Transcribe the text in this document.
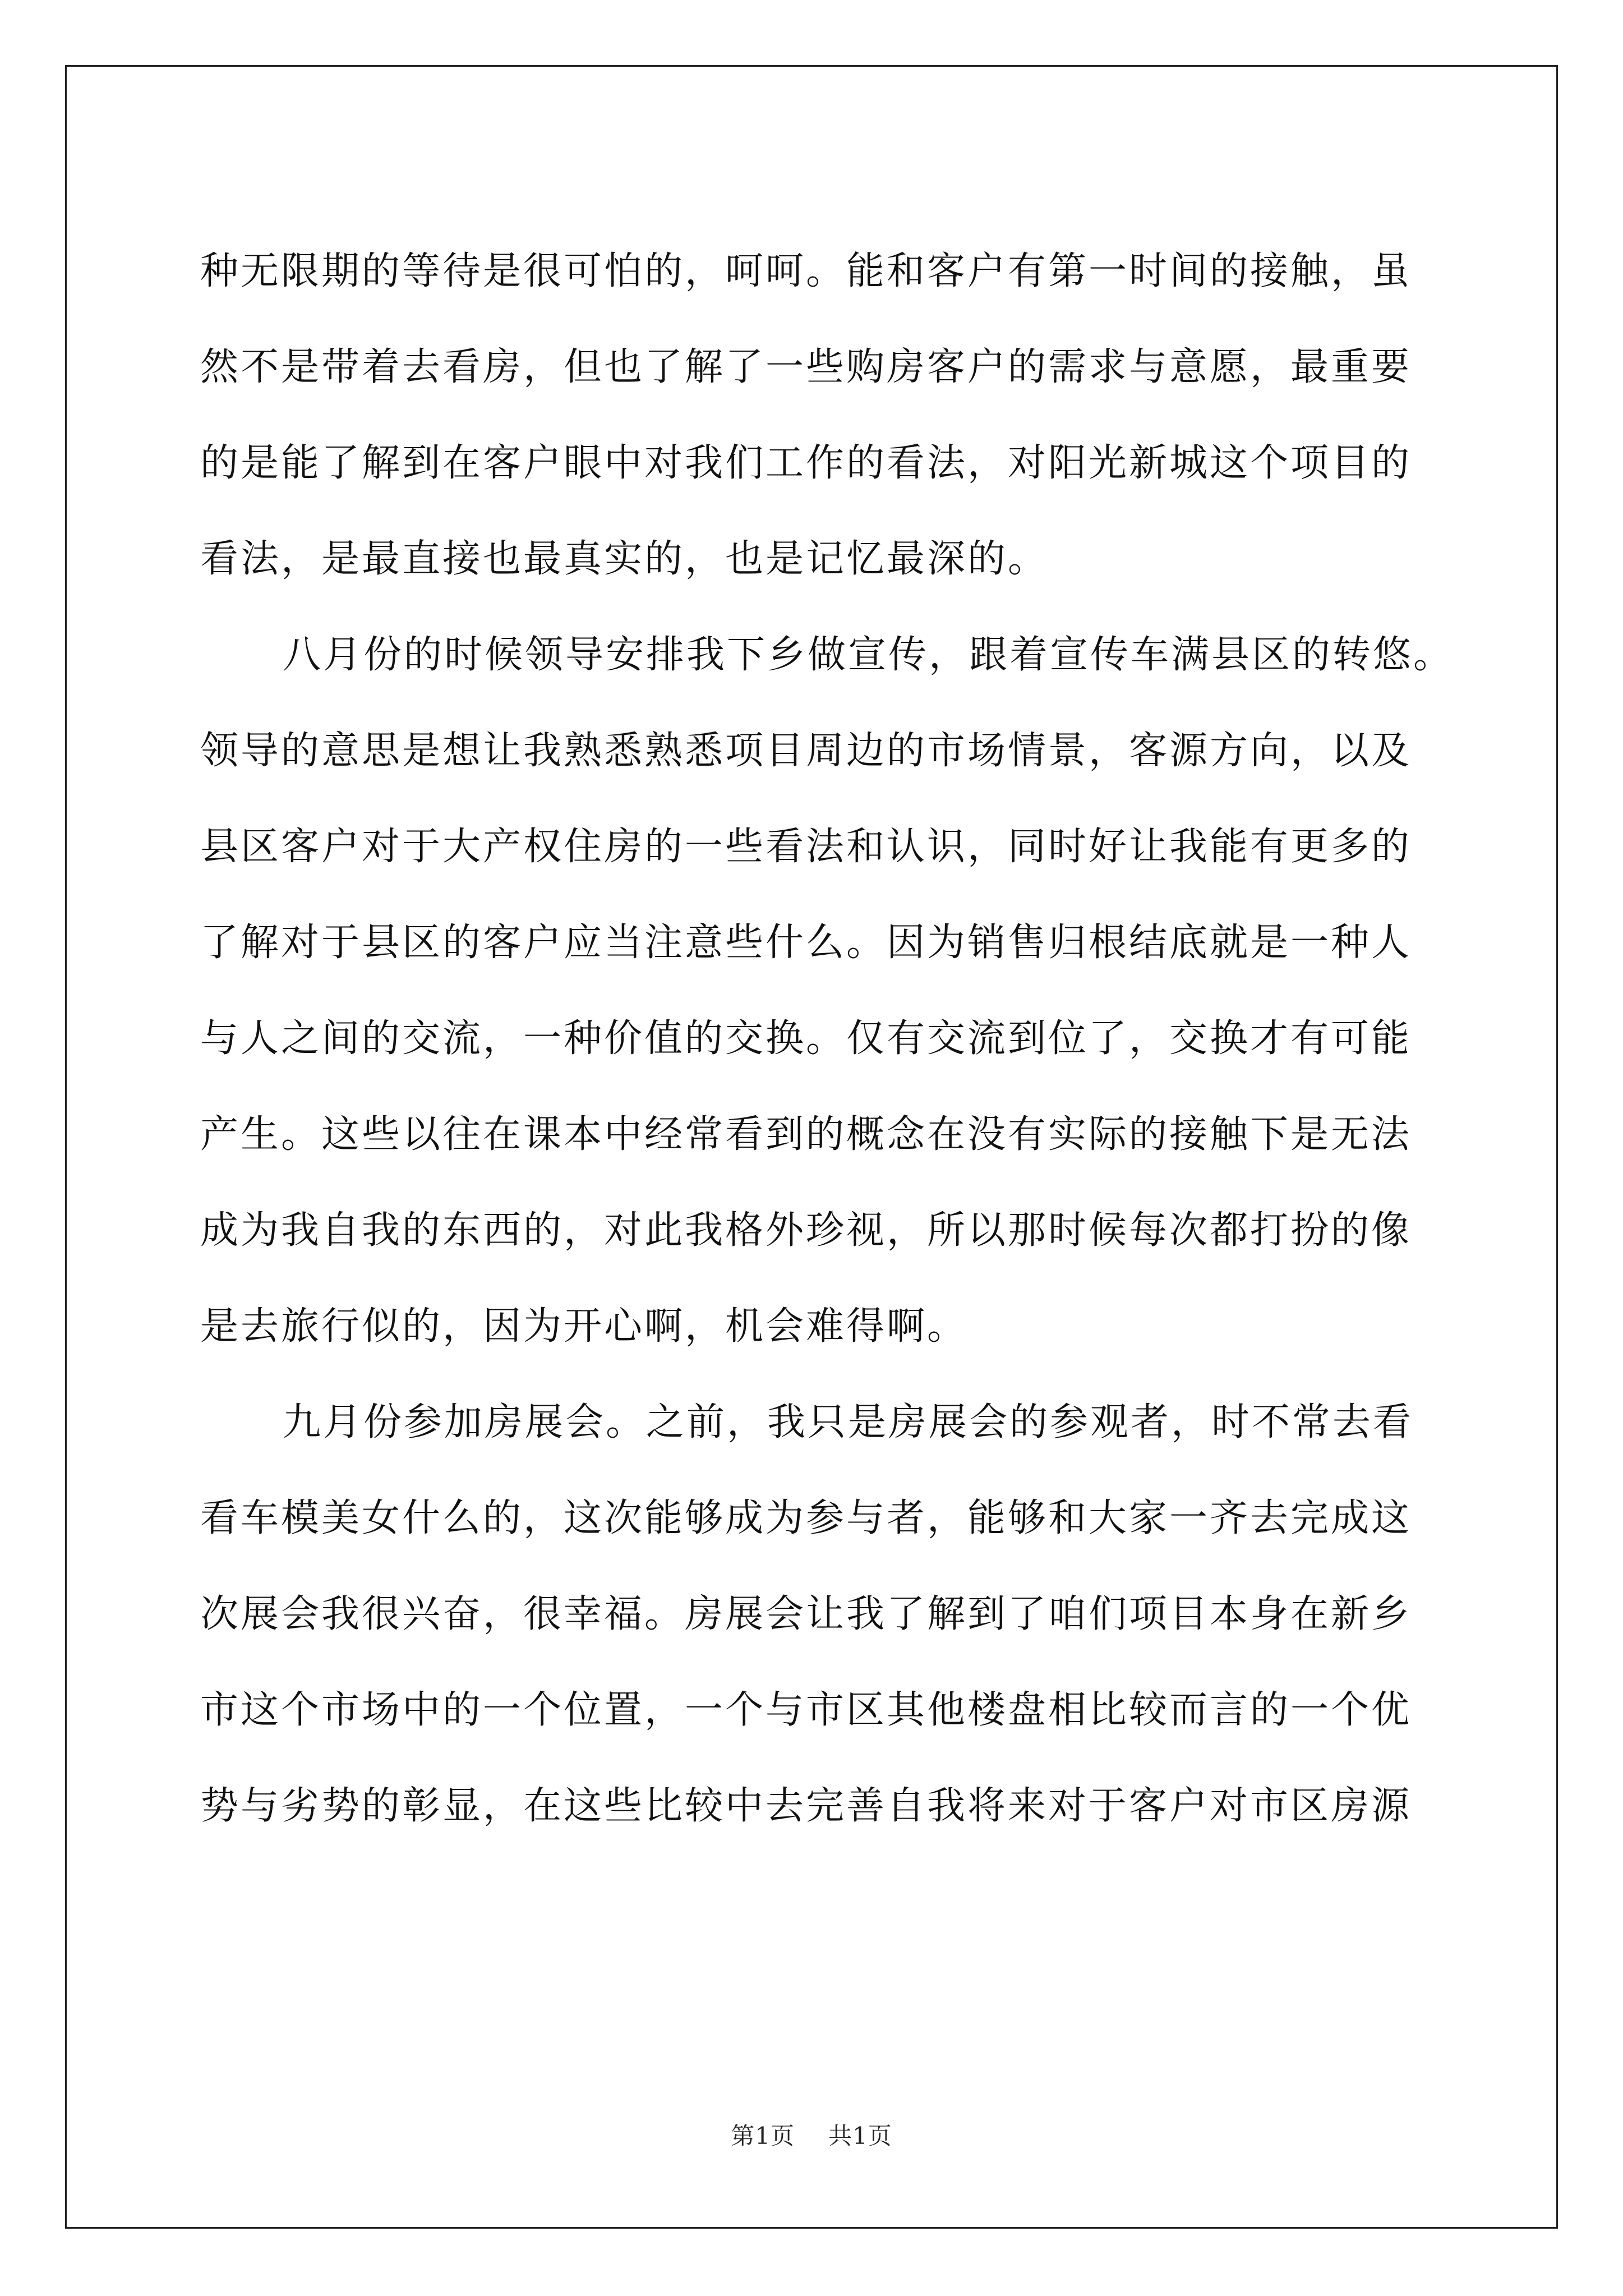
种无限期的等待是很可怕的，呵呵。能和客户有第一时间的接触，虽
然不是带着去看房，但也了解了一些购房客户的需求与意愿，最重要
的是能了解到在客户眼中对我们工作的看法，对阳光新城这个项目的
看法，是最直接也最真实的，也是记忆最深的。
八月份的时候领导安排我下乡做宣传，跟着宣传车满县区的转悠。
领导的意思是想让我熟悉熟悉项目周边的市场情景，客源方向，以及
县区客户对于大产权住房的一些看法和认识，同时好让我能有更多的
了解对于县区的客户应当注意些什么。因为销售归根结底就是一种人
与人之间的交流，一种价值的交换。仅有交流到位了，交换才有可能
产生。这些以往在课本中经常看到的概念在没有实际的接触下是无法
成为我自我的东西的，对此我格外珍视，所以那时候每次都打扮的像
是去旅行似的，因为开心啊，机会难得啊。
九月份参加房展会。之前，我只是房展会的参观者，时不常去看
看车模美女什么的，这次能够成为参与者，能够和大家一齐去完成这
次展会我很兴奋，很幸福。房展会让我了解到了咱们项目本身在新乡
市这个市场中的一个位置，一个与市区其他楼盘相比较而言的一个优
势与劣势的彰显，在这些比较中去完善自我将来对于客户对市区房源
第1页 共1页
